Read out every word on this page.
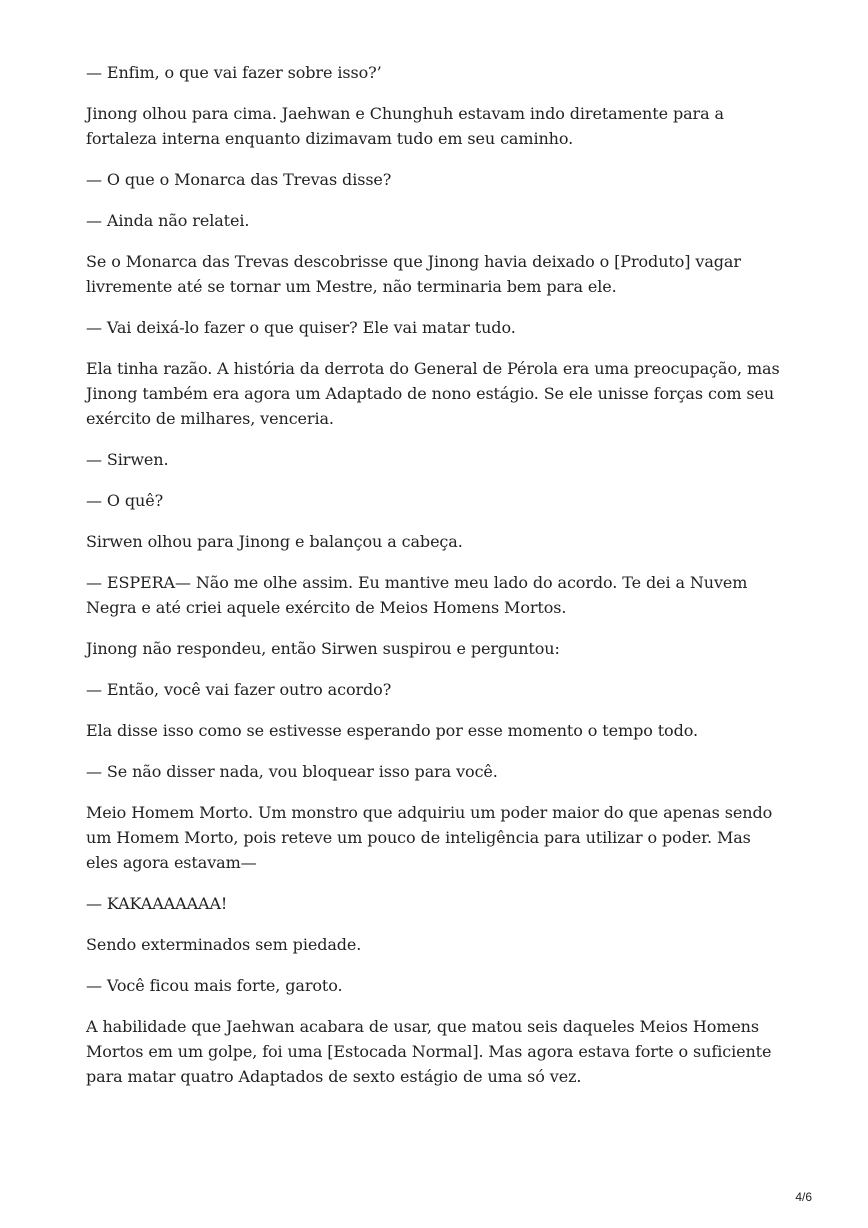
— Enfim, o que vai fazer sobre isso?’

Jinong olhou para cima. Jaehwan e Chunghuh estavam indo diretamente para a fortaleza interna enquanto dizimavam tudo em seu caminho.

— O que o Monarca das Trevas disse?

— Ainda não relatei.

Se o Monarca das Trevas descobrisse que Jinong havia deixado o [Produto] vagar livremente até se tornar um Mestre, não terminaria bem para ele.

— Vai deixá-lo fazer o que quiser? Ele vai matar tudo.

Ela tinha razão. A história da derrota do General de Pérola era uma preocupação, mas Jinong também era agora um Adaptado de nono estágio. Se ele unisse forças com seu exército de milhares, venceria.

— Sirwen.

— O quê?

Sirwen olhou para Jinong e balançou a cabeça.

— ESPERA— Não me olhe assim. Eu mantive meu lado do acordo. Te dei a Nuvem Negra e até criei aquele exército de Meios Homens Mortos.

Jinong não respondeu, então Sirwen suspirou e perguntou:

— Então, você vai fazer outro acordo?

Ela disse isso como se estivesse esperando por esse momento o tempo todo.

— Se não disser nada, vou bloquear isso para você.

Meio Homem Morto. Um monstro que adquiriu um poder maior do que apenas sendo um Homem Morto, pois reteve um pouco de inteligência para utilizar o poder. Mas eles agora estavam—

— KAKAAAAAAA!

Sendo exterminados sem piedade.

— Você ficou mais forte, garoto.

A habilidade que Jaehwan acabara de usar, que matou seis daqueles Meios Homens Mortos em um golpe, foi uma [Estocada Normal]. Mas agora estava forte o suficiente para matar quatro Adaptados de sexto estágio de uma só vez.

4/6
